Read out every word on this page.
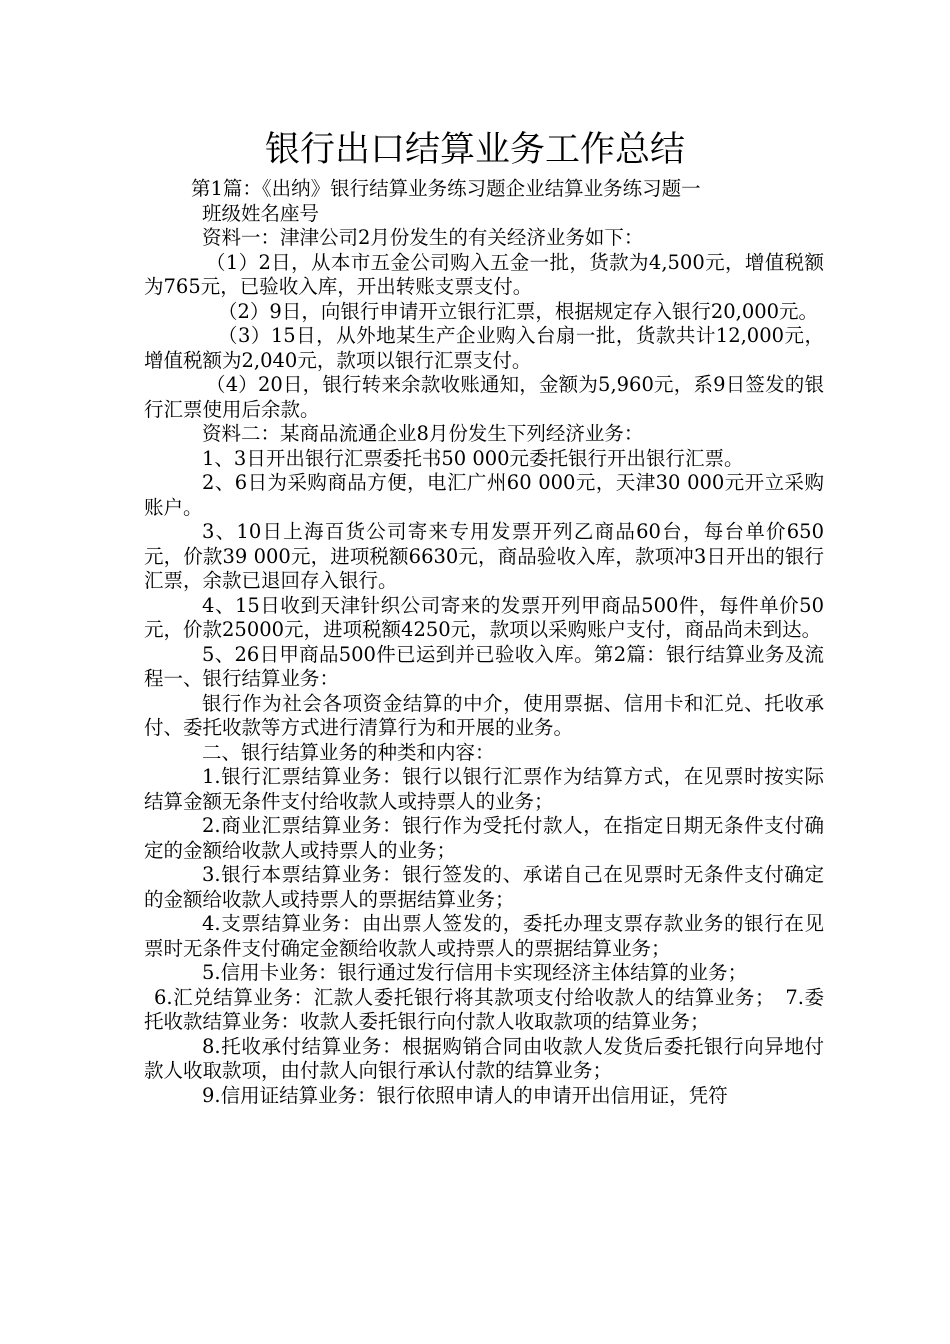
银行出口结算业务工作总结

第1篇：《出纳》银行结算业务练习题企业结算业务练习题一

班级姓名座号

资料一：津津公司2月份发生的有关经济业务如下：

（1）2日，从本市五金公司购入五金一批，货款为4,500元，增值税额为765元，已验收入库，开出转账支票支付。

（2）9日，向银行申请开立银行汇票，根据规定存入银行20,000元。

（3）15日，从外地某生产企业购入台扇一批，货款共计12,000元，增值税额为2,040元，款项以银行汇票支付。

（4）20日，银行转来余款收账通知，金额为5,960元，系9日签发的银行汇票使用后余款。

资料二：某商品流通企业8月份发生下列经济业务：

1、3日开出银行汇票委托书50 000元委托银行开出银行汇票。

2、6日为采购商品方便，电汇广州60 000元，天津30 000元开立采购账户。

3、10日上海百货公司寄来专用发票开列乙商品60台，每台单价650元，价款39 000元，进项税额6630元，商品验收入库，款项冲3日开出的银行汇票，余款已退回存入银行。

4、15日收到天津针织公司寄来的发票开列甲商品500件，每件单价50元，价款25000元，进项税额4250元，款项以采购账户支付，商品尚未到达。

5、26日甲商品500件已运到并已验收入库。第2篇：银行结算业务及流程一、银行结算业务：

银行作为社会各项资金结算的中介，使用票据、信用卡和汇兑、托收承付、委托收款等方式进行清算行为和开展的业务。

二、银行结算业务的种类和内容：

1.银行汇票结算业务：银行以银行汇票作为结算方式，在见票时按实际结算金额无条件支付给收款人或持票人的业务；

2.商业汇票结算业务：银行作为受托付款人，在指定日期无条件支付确定的金额给收款人或持票人的业务；

3.银行本票结算业务：银行签发的、承诺自己在见票时无条件支付确定的金额给收款人或持票人的票据结算业务；

4.支票结算业务：由出票人签发的，委托办理支票存款业务的银行在见票时无条件支付确定金额给收款人或持票人的票据结算业务；

5.信用卡业务：银行通过发行信用卡实现经济主体结算的业务；

6.汇兑结算业务：汇款人委托银行将其款项支付给收款人的结算业务；　7.委托收款结算业务：收款人委托银行向付款人收取款项的结算业务；

8.托收承付结算业务：根据购销合同由收款人发货后委托银行向异地付款人收取款项，由付款人向银行承认付款的结算业务；

9.信用证结算业务：银行依照申请人的申请开出信用证，凭符
